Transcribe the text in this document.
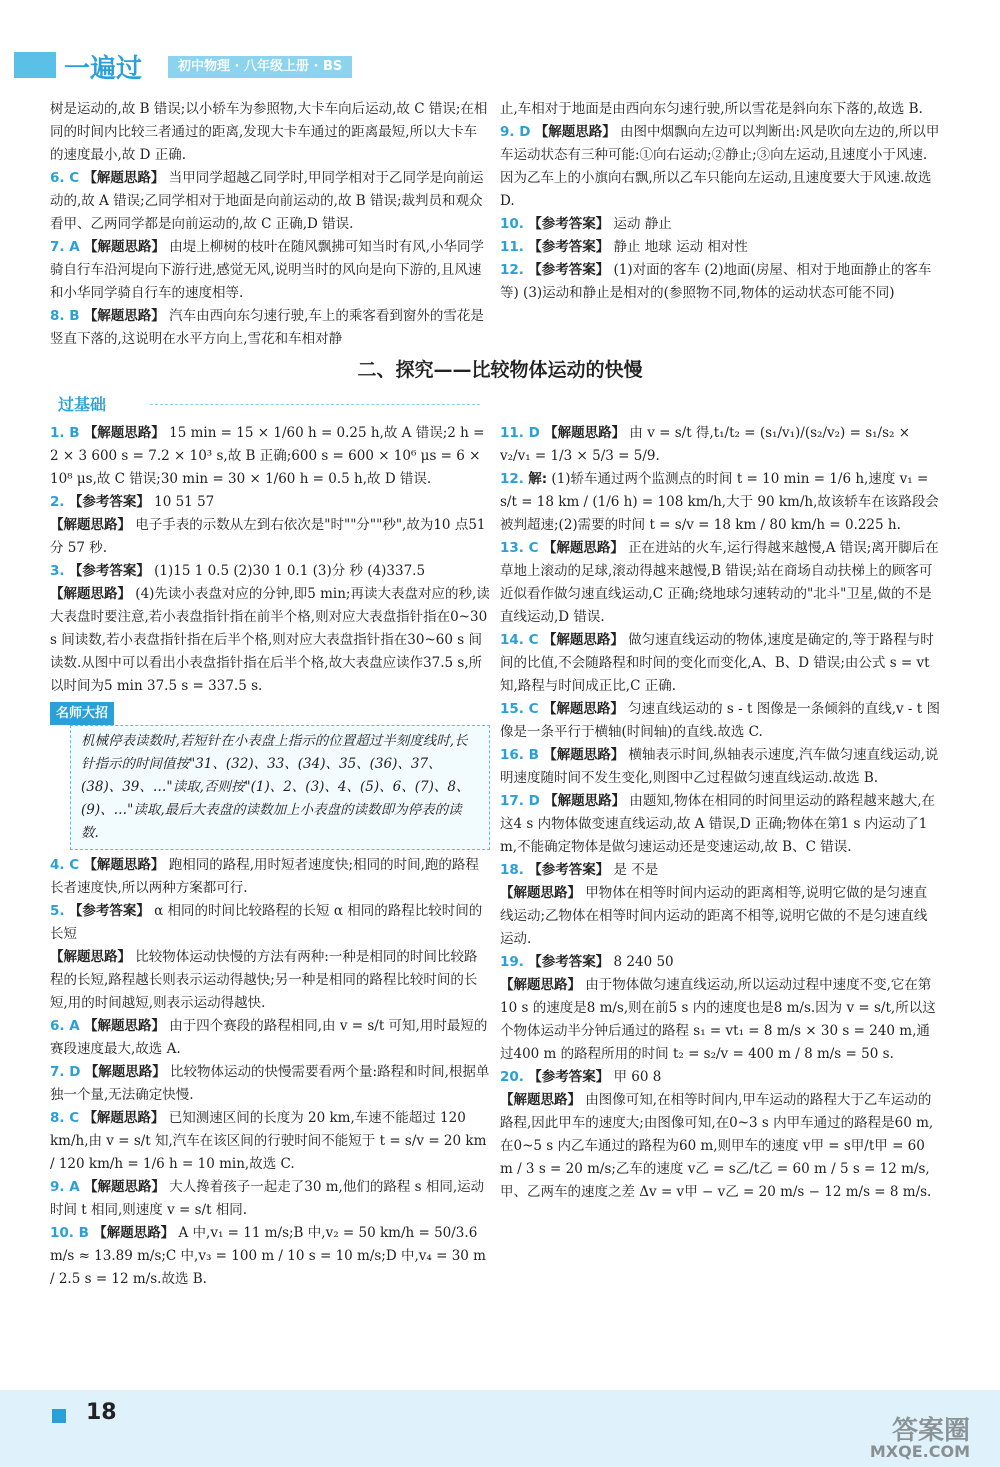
一遍过	初中物理 · 八年级上册 · BS

树是运动的,故 B 错误;以小轿车为参照物,大卡车向后运动,故 C 错误;在相同的时间内比较三者通过的距离,发现大卡车通过的距离最短,所以大卡车的速度最小,故 D 正确.

6. C 【解题思路】 当甲同学超越乙同学时,甲同学相对于乙同学是向前运动的,故 A 错误;乙同学相对于地面是向前运动的,故 B 错误;裁判员和观众看甲、乙两同学都是向前运动的,故 C 正确,D 错误.

7. A 【解题思路】 由堤上柳树的枝叶在随风飘拂可知当时有风,小华同学骑自行车沿河堤向下游行进,感觉无风,说明当时的风向是向下游的,且风速和小华同学骑自行车的速度相等.

8. B 【解题思路】 汽车由西向东匀速行驶,车上的乘客看到窗外的雪花是竖直下落的,这说明在水平方向上,雪花和车相对静

止,车相对于地面是由西向东匀速行驶,所以雪花是斜向东下落的,故选 B.

9. D 【解题思路】 由图中烟飘向左边可以判断出:风是吹向左边的,所以甲车运动状态有三种可能:①向右运动;②静止;③向左运动,且速度小于风速.因为乙车上的小旗向右飘,所以乙车只能向左运动,且速度要大于风速.故选 D.

10. 【参考答案】 运动 静止

11. 【参考答案】 静止 地球 运动 相对性

12. 【参考答案】 (1)对面的客车 (2)地面(房屋、相对于地面静止的客车等) (3)运动和静止是相对的(参照物不同,物体的运动状态可能不同)

二、探究——比较物体运动的快慢
过基础

1. B 【解题思路】 15 min = 15 × 1/60 h = 0.25 h,故 A 错误;2 h = 2 × 3 600 s = 7.2 × 10³ s,故 B 正确;600 s = 600 × 10⁶ μs = 6 × 10⁸ μs,故 C 错误;30 min = 30 × 1/60 h = 0.5 h,故 D 错误.

2. 【参考答案】 10 51 57

【解题思路】 电子手表的示数从左到右依次是"时""分""秒",故为10 点51 分 57 秒.

3. 【参考答案】 (1)15 1 0.5 (2)30 1 0.1 (3)分 秒 (4)337.5

【解题思路】 (4)先读小表盘对应的分钟,即5 min;再读大表盘对应的秒,读大表盘时要注意,若小表盘指针指在前半个格,则对应大表盘指针指在0~30 s 间读数,若小表盘指针指在后半个格,则对应大表盘指针指在30~60 s 间读数.从图中可以看出小表盘指针指在后半个格,故大表盘应读作37.5 s,所以时间为5 min 37.5 s = 337.5 s.

名师大招
机械停表读数时,若短针在小表盘上指示的位置超过半刻度线时,长针指示的时间值按"31、(32)、33、(34)、35、(36)、37、(38)、39、…"读取,否则按"(1)、2、(3)、4、(5)、6、(7)、8、(9)、…"读取,最后大表盘的读数加上小表盘的读数即为停表的读数.

4. C 【解题思路】 跑相同的路程,用时短者速度快;相同的时间,跑的路程长者速度快,所以两种方案都可行.

5. 【参考答案】 α 相同的时间比较路程的长短 α 相同的路程比较时间的长短

【解题思路】 比较物体运动快慢的方法有两种:一种是相同的时间比较路程的长短,路程越长则表示运动得越快;另一种是相同的路程比较时间的长短,用的时间越短,则表示运动得越快.

6. A 【解题思路】 由于四个赛段的路程相同,由 v = s/t 可知,用时最短的赛段速度最大,故选 A.

7. D 【解题思路】 比较物体运动的快慢需要看两个量:路程和时间,根据单独一个量,无法确定快慢.

8. C 【解题思路】 已知测速区间的长度为 20 km,车速不能超过 120 km/h,由 v = s/t 知,汽车在该区间的行驶时间不能短于 t = s/v = 20 km / 120 km/h = 1/6 h = 10 min,故选 C.

9. A 【解题思路】 大人搀着孩子一起走了30 m,他们的路程 s 相同,运动时间 t 相同,则速度 v = s/t 相同.

10. B 【解题思路】 A 中,v₁ = 11 m/s;B 中,v₂ = 50 km/h = 50/3.6 m/s ≈ 13.89 m/s;C 中,v₃ = 100 m / 10 s = 10 m/s;D 中,v₄ = 30 m / 2.5 s = 12 m/s.故选 B.

11. D 【解题思路】 由 v = s/t 得,t₁/t₂ = (s₁/v₁)/(s₂/v₂) = s₁/s₂ × v₂/v₁ = 1/3 × 5/3 = 5/9.

12. 解: (1)轿车通过两个监测点的时间 t = 10 min = 1/6 h,速度 v₁ = s/t = 18 km / (1/6 h) = 108 km/h,大于 90 km/h,故该轿车在该路段会被判超速;(2)需要的时间 t = s/v = 18 km / 80 km/h = 0.225 h.

13. C 【解题思路】 正在进站的火车,运行得越来越慢,A 错误;离开脚后在草地上滚动的足球,滚动得越来越慢,B 错误;站在商场自动扶梯上的顾客可近似看作做匀速直线运动,C 正确;绕地球匀速转动的"北斗"卫星,做的不是直线运动,D 错误.

14. C 【解题思路】 做匀速直线运动的物体,速度是确定的,等于路程与时间的比值,不会随路程和时间的变化而变化,A、B、D 错误;由公式 s = vt 知,路程与时间成正比,C 正确.

15. C 【解题思路】 匀速直线运动的 s - t 图像是一条倾斜的直线,v - t 图像是一条平行于横轴(时间轴)的直线.故选 C.

16. B 【解题思路】 横轴表示时间,纵轴表示速度,汽车做匀速直线运动,说明速度随时间不发生变化,则图中乙过程做匀速直线运动.故选 B.

17. D 【解题思路】 由题知,物体在相同的时间里运动的路程越来越大,在这4 s 内物体做变速直线运动,故 A 错误,D 正确;物体在第1 s 内运动了1 m,不能确定物体是做匀速运动还是变速运动,故 B、C 错误.

18. 【参考答案】 是 不是

【解题思路】 甲物体在相等时间内运动的距离相等,说明它做的是匀速直线运动;乙物体在相等时间内运动的距离不相等,说明它做的不是匀速直线运动.

19. 【参考答案】 8 240 50

【解题思路】 由于物体做匀速直线运动,所以运动过程中速度不变,它在第10 s 的速度是8 m/s,则在前5 s 内的速度也是8 m/s.因为 v = s/t,所以这个物体运动半分钟后通过的路程 s₁ = vt₁ = 8 m/s × 30 s = 240 m,通过400 m 的路程所用的时间 t₂ = s₂/v = 400 m / 8 m/s = 50 s.

20. 【参考答案】 甲 60 8

【解题思路】 由图像可知,在相等时间内,甲车运动的路程大于乙车运动的路程,因此甲车的速度大;由图像可知,在0~3 s 内甲车通过的路程是60 m,在0~5 s 内乙车通过的路程为60 m,则甲车的速度 v甲 = s甲/t甲 = 60 m / 3 s = 20 m/s;乙车的速度 v乙 = s乙/t乙 = 60 m / 5 s = 12 m/s,甲、乙两车的速度之差 Δv = v甲 − v乙 = 20 m/s − 12 m/s = 8 m/s.

18
答案圈
MXQE.COM
